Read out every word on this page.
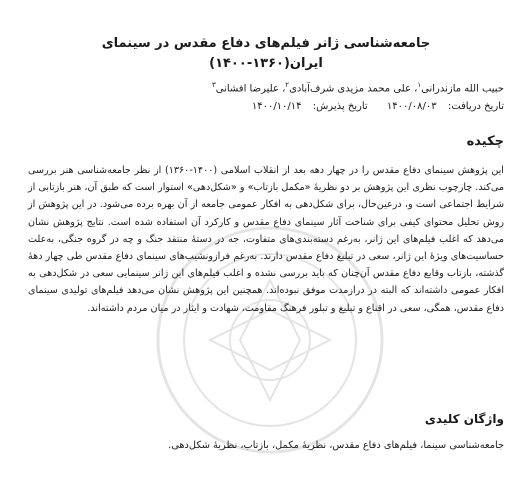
جامعه‌شناسی ژانر فیلم‌های دفاع مقدس در سینمای ایران(۱۳۶۰-۱۴۰۰)
حبیب الله مازندرانی$^۱$، علی محمد مزیدی شرف‌آبادی$^۲$، علیرضا افشانی$^۳$
تاریخ دریافت: ۱۴۰۰/۰۸/۰۳ تاریخ پذیرش: ۱۴۰۰/۱۰/۱۴
چکیده

این پژوهش سینمای دفاع مقدس را در چهار دهه بعد از انقلاب اسلامی (۱۴۰۰-۱۳۶۰) از نظر جامعه‌شناسی هنر بررسی می‌کند. چارچوب نظری این پژوهش بر دو نظریهٔ «مکمل بازتاب» و «شکل‌دهی» استوار است که طبق آن، هنر بازتابی از شرایط اجتماعی است و، درعین‌حال، برای شکل‌دهی به افکار عمومی جامعه از آن بهره برده می‌شود. در این پژوهش از روش تحلیل محتوای کیفی برای شناخت آثار سینمای دفاع مقدس و کارکرد آن استفاده شده است. نتایج پژوهش نشان می‌دهد که اغلب فیلم‌های این ژانر، به‌رغم دسته‌بندی‌های متفاوت، جه در دستهٔ منتقد جنگ و چه در گروه جنگی، به‌علت حساسیت‌های ویژهٔ این ژانر، سعی در تبلیغ دفاع مقدس دارند. به‌رغم فرازونشیب‌های سینمای دفاع مقدس طی چهار دههٔ گذشته، بازتاب وقایع دفاع مقدس آن‌چنان که باید بررسی نشده و اغلب فیلم‌های این ژانر سینمایی سعی در شکل‌دهی به افکار عمومی داشته‌اند که البته در درازمدت موفق نبوده‌اند. همچنین این پژوهش نشان می‌دهد فیلم‌های تولیدی سینمای دفاع مقدس، همگی، سعی در اقناع و تبلیغ و تبلور فرهنگ مقاومت، شهادت و ایثار در میان مردم داشته‌اند.

واژگان کلیدی
جامعه‌شناسی سینما، فیلم‌های دفاع مقدس، نظریهٔ مکمل، بازتاب، نظریهٔ شکل‌دهی.
